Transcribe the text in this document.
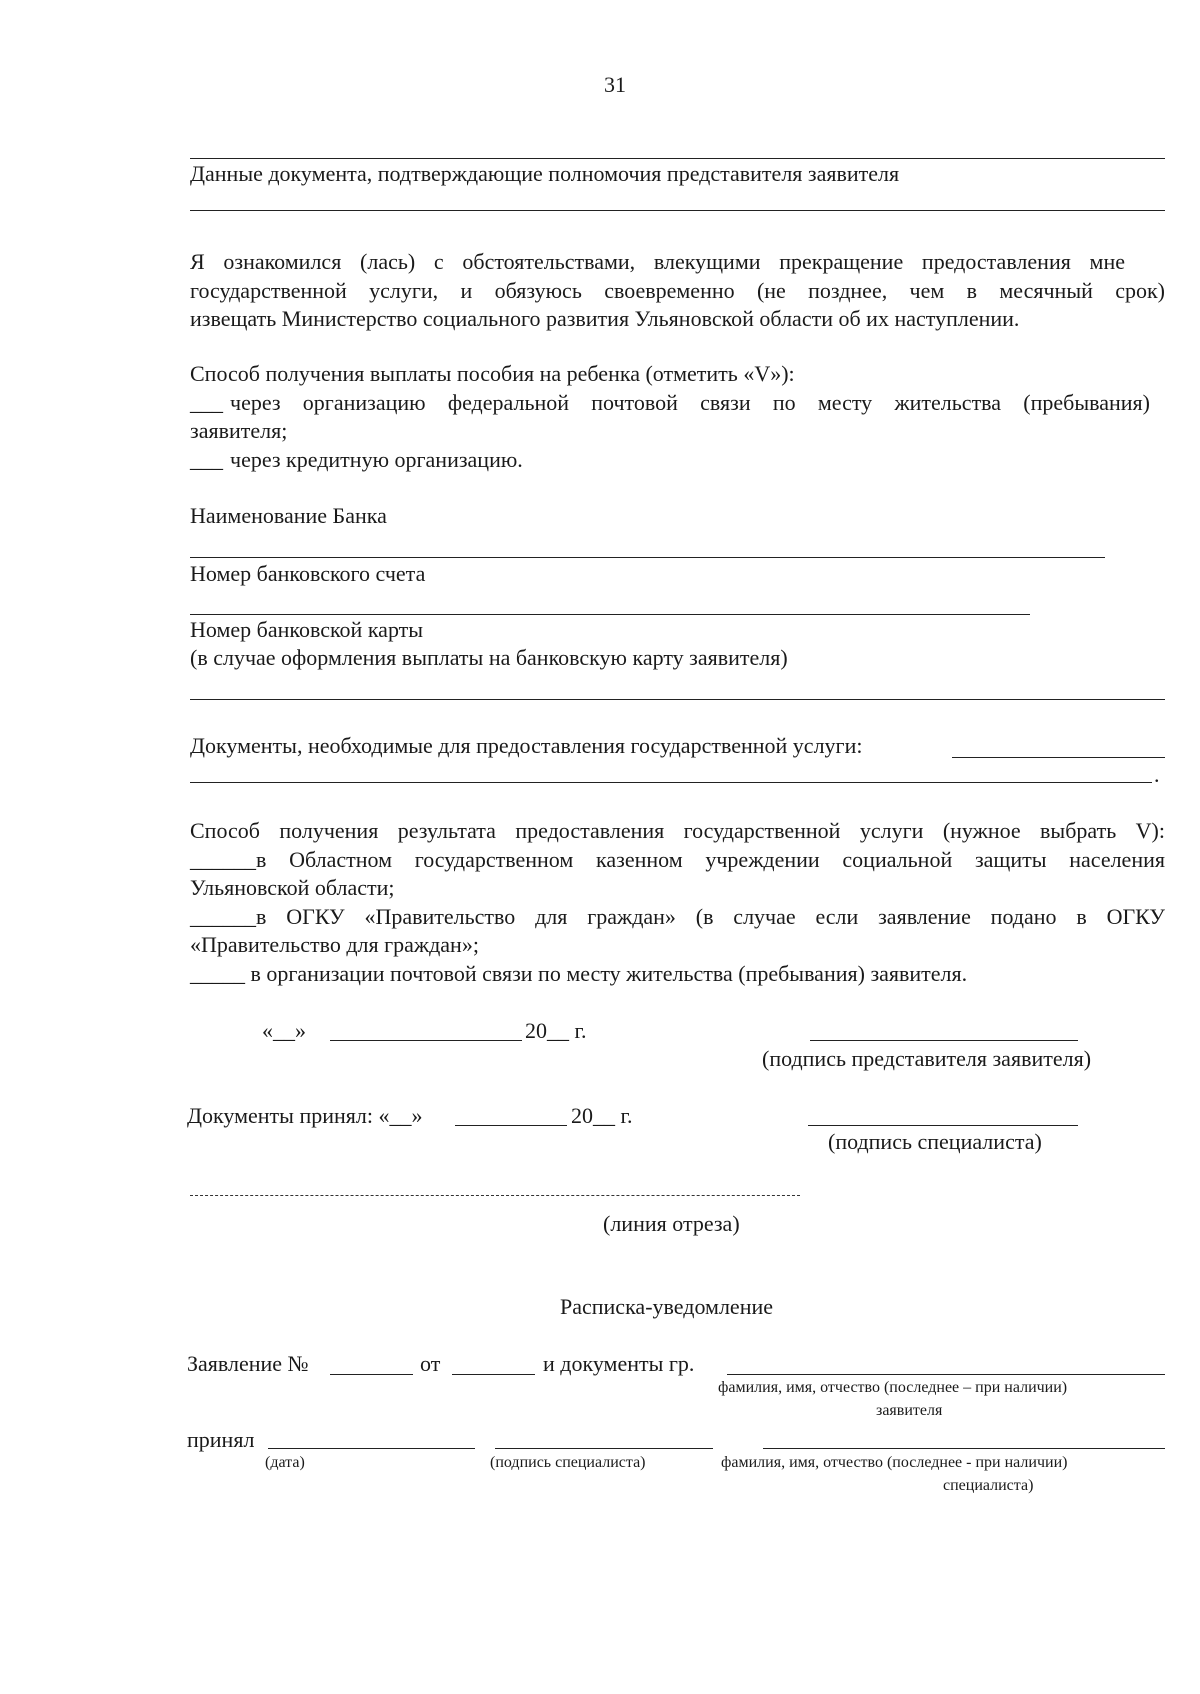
31
Данные документа, подтверждающие полномочия представителя заявителя
Я ознакомился (лась) с обстоятельствами, влекущими прекращение предоставления мне
государственной услуги, и обязуюсь своевременно (не позднее, чем в месячный срок)
извещать Министерство социального развития Ульяновской области об их наступлении.
Способ получения выплаты пособия на ребенка (отметить «V»):
___ через организацию федеральной почтовой связи по месту жительства (пребывания)
заявителя;
___ через кредитную организацию.
Наименование Банка
Номер банковского счета
Номер банковской карты
(в случае оформления выплаты на банковскую карту заявителя)
Документы, необходимые для предоставления государственной услуги:
.
Способ получения результата предоставления государственной услуги (нужное выбрать V):
______в Областном государственном казенном учреждении социальной защиты населения
Ульяновской области;
______в ОГКУ «Правительство для граждан» (в случае если заявление подано в ОГКУ
«Правительство для граждан»;
_____ в организации почтовой связи по месту жительства (пребывания) заявителя.
«__»	20__ г.
(подпись представителя заявителя)
Документы принял: «__»	20__ г.
(подпись специалиста)
(линия отреза)
Расписка-уведомление
Заявление №	от	и документы гр.
фамилия, имя, отчество (последнее – при наличии)
заявителя
принял
(дата)	(подпись специалиста)	фамилия, имя, отчество (последнее - при наличии)
специалиста)
